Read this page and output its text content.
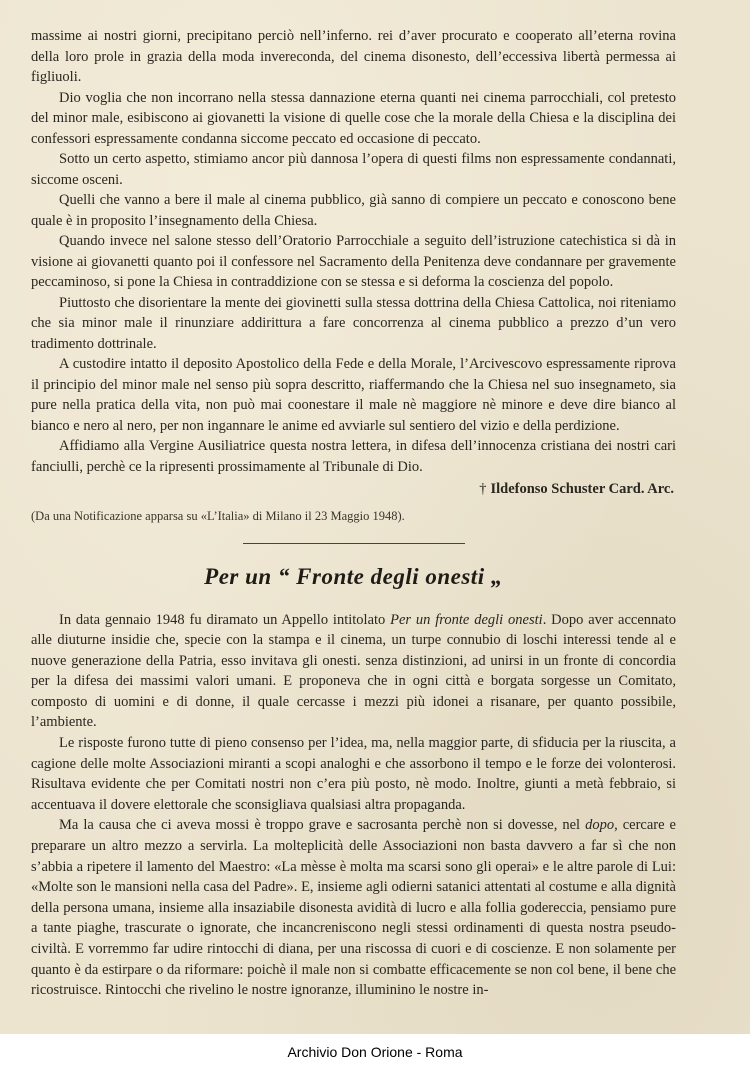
massime ai nostri giorni, precipitano perciò nell’inferno. rei d’aver procurato e cooperato all’eterna rovina della loro prole in grazia della moda invereconda, del cinema disonesto, dell’eccessiva libertà permessa ai figliuoli.

Dio voglia che non incorrano nella stessa dannazione eterna quanti nei cinema parrocchiali, col pretesto del minor male, esibiscono ai giovanetti la visione di quelle cose che la morale della Chiesa e la disciplina dei confessori espressamente condanna siccome peccato ed occasione di peccato.

Sotto un certo aspetto, stimiamo ancor più dannosa l’opera di questi films non espressamente condannati, siccome osceni.

Quelli che vanno a bere il male al cinema pubblico, già sanno di compiere un peccato e conoscono bene quale è in proposito l’insegnamento della Chiesa.

Quando invece nel salone stesso dell’Oratorio Parrocchiale a seguito dell’istruzione catechistica si dà in visione ai giovanetti quanto poi il confessore nel Sacramento della Penitenza deve condannare per gravemente peccaminoso, si pone la Chiesa in contraddizione con se stessa e si deforma la coscienza del popolo.

Piuttosto che disorientare la mente dei giovinetti sulla stessa dottrina della Chiesa Cattolica, noi riteniamo che sia minor male il rinunziare addirittura a fare concorrenza al cinema pubblico a prezzo d’un vero tradimento dottrinale.

A custodire intatto il deposito Apostolico della Fede e della Morale, l’Arcivescovo espressamente riprova il principio del minor male nel senso più sopra descritto, riaffermando che la Chiesa nel suo insegnameto, sia pure nella pratica della vita, non può mai coonestare il male nè maggiore nè minore e deve dire bianco al bianco e nero al nero, per non ingannare le anime ed avviarle sul sentiero del vizio e della perdizione.

Affidiamo alla Vergine Ausiliatrice questa nostra lettera, in difesa dell’innocenza cristiana dei nostri cari fanciulli, perchè ce la ripresenti prossimamente al Tribunale di Dio.

† Ildefonso Schuster Card. Arc.

(Da una Notificazione apparsa su «L’Italia» di Milano il 23 Maggio 1948).

Per un “ Fronte degli onesti „

In data gennaio 1948 fu diramato un Appello intitolato Per un fronte degli onesti. Dopo aver accennato alle diuturne insidie che, specie con la stampa e il cinema, un turpe connubio di loschi interessi tende al e nuove generazione della Patria, esso invitava gli onesti. senza distinzioni, ad unirsi in un fronte di concordia per la difesa dei massimi valori umani. E proponeva che in ogni città e borgata sorgesse un Comitato, composto di uomini e di donne, il quale cercasse i mezzi più idonei a risanare, per quanto possibile, l’ambiente.

Le risposte furono tutte di pieno consenso per l’idea, ma, nella maggior parte, di sfiducia per la riuscita, a cagione delle molte Associazioni miranti a scopi analoghi e che assorbono il tempo e le forze dei volonterosi. Risultava evidente che per Comitati nostri non c’era più posto, nè modo. Inoltre, giunti a metà febbraio, si accentuava il dovere elettorale che sconsigliava qualsiasi altra propaganda.

Ma la causa che ci aveva mossi è troppo grave e sacrosanta perchè non si dovesse, nel dopo, cercare e preparare un altro mezzo a servirla. La molteplicità delle Associazioni non basta davvero a far sì che non s’abbia a ripetere il lamento del Maestro: «La mèsse è molta ma scarsi sono gli operai» e le altre parole di Lui: «Molte son le mansioni nella casa del Padre». E, insieme agli odierni satanici attentati al costume e alla dignità della persona umana, insieme alla insaziabile disonesta avidità di lucro e alla follia godereccia, pensiamo pure a tante piaghe, trascurate o ignorate, che incancreniscono negli stessi ordinamenti di questa nostra pseudo-civiltà. E vorremmo far udire rintocchi di diana, per una riscossa di cuori e di coscienze. E non solamente per quanto è da estirpare o da riformare: poichè il male non si combatte efficacemente se non col bene, il bene che ricostruisce. Rintocchi che rivelino le nostre ignoranze, illuminino le nostre in-

Archivio Don Orione - Roma
